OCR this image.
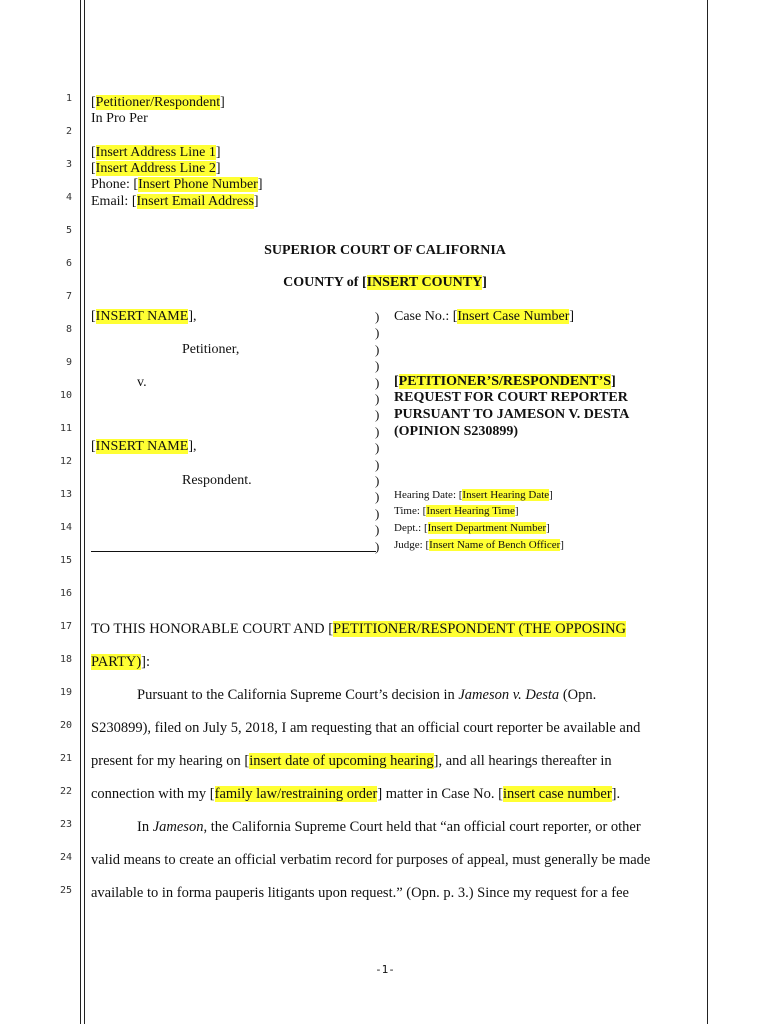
1
2
3
4
5
6
7
8
9
10
11
12
13
14
15
16
17
18
19
20
21
22
23
24
25
[Petitioner/Respondent]
In Pro Per
[Insert Address Line 1]
[Insert Address Line 2]
Phone: [Insert Phone Number]
Email: [Insert Email Address]
SUPERIOR COURT OF CALIFORNIA
COUNTY of [INSERT COUNTY]
[INSERT NAME],
Petitioner,
v.
[INSERT NAME],
Respondent.
)
)
)
)
)
)
)
)
)
)
)
)
)
)
)
Case No.: [Insert Case Number]
[PETITIONER’S/RESPONDENT’S]
REQUEST FOR COURT REPORTER
PURSUANT TO JAMESON V. DESTA
(OPINION S230899)
Hearing Date: [Insert Hearing Date]
Time: [Insert Hearing Time]
Dept.: [Insert Department Number]
Judge: [Insert Name of Bench Officer]
TO THIS HONORABLE COURT AND [PETITIONER/RESPONDENT (THE OPPOSING
PARTY)]:
Pursuant to the California Supreme Court’s decision in Jameson v. Desta (Opn.
S230899), filed on July 5, 2018, I am requesting that an official court reporter be available and
present for my hearing on [insert date of upcoming hearing], and all hearings thereafter in
connection with my [family law/restraining order] matter in Case No. [insert case number].
In Jameson, the California Supreme Court held that “an official court reporter, or other
valid means to create an official verbatim record for purposes of appeal, must generally be made
available to in forma pauperis litigants upon request.” (Opn. p. 3.) Since my request for a fee
-1-
